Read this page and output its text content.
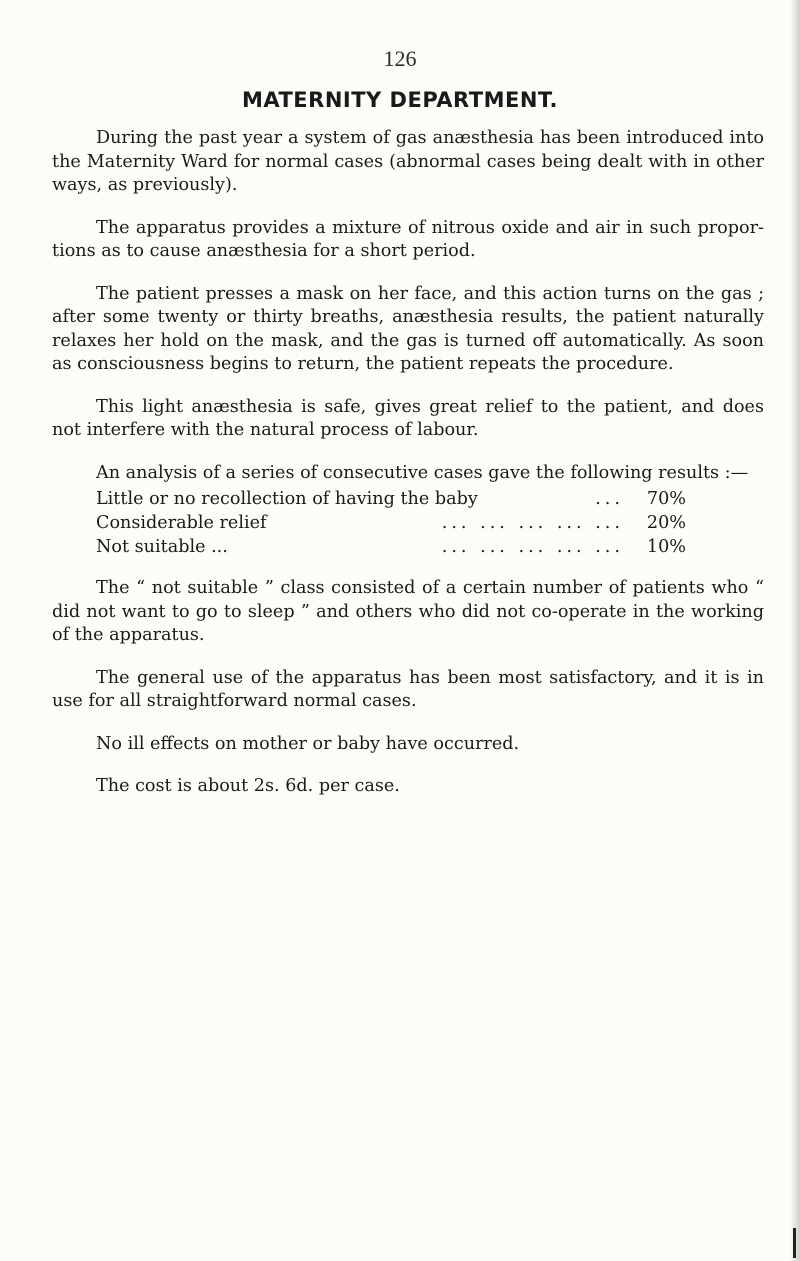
126
MATERNITY DEPARTMENT.

During the past year a system of gas anæsthesia has been introduced into the Maternity Ward for normal cases (abnormal cases being dealt with in other ways, as previously).

The apparatus provides a mixture of nitrous oxide and air in such propor- tions as to cause anæsthesia for a short period.

The patient presses a mask on her face, and this action turns on the gas ; after some twenty or thirty breaths, anæsthesia results, the patient naturally relaxes her hold on the mask, and the gas is turned off automatically. As soon as consciousness begins to return, the patient repeats the procedure.

This light anæsthesia is safe, gives great relief to the patient, and does not interfere with the natural process of labour.

An analysis of a series of consecutive cases gave the following results :—

Little or no recollection of having the baby	...	70%
Considerable relief	... ... ... ... ...	20%
Not suitable ...	... ... ... ... ...	10%

The “ not suitable ” class consisted of a certain number of patients who “ did not want to go to sleep ” and others who did not co-operate in the working of the apparatus.

The general use of the apparatus has been most satisfactory, and it is in use for all straightforward normal cases.

No ill effects on mother or baby have occurred.

The cost is about 2s. 6d. per case.
